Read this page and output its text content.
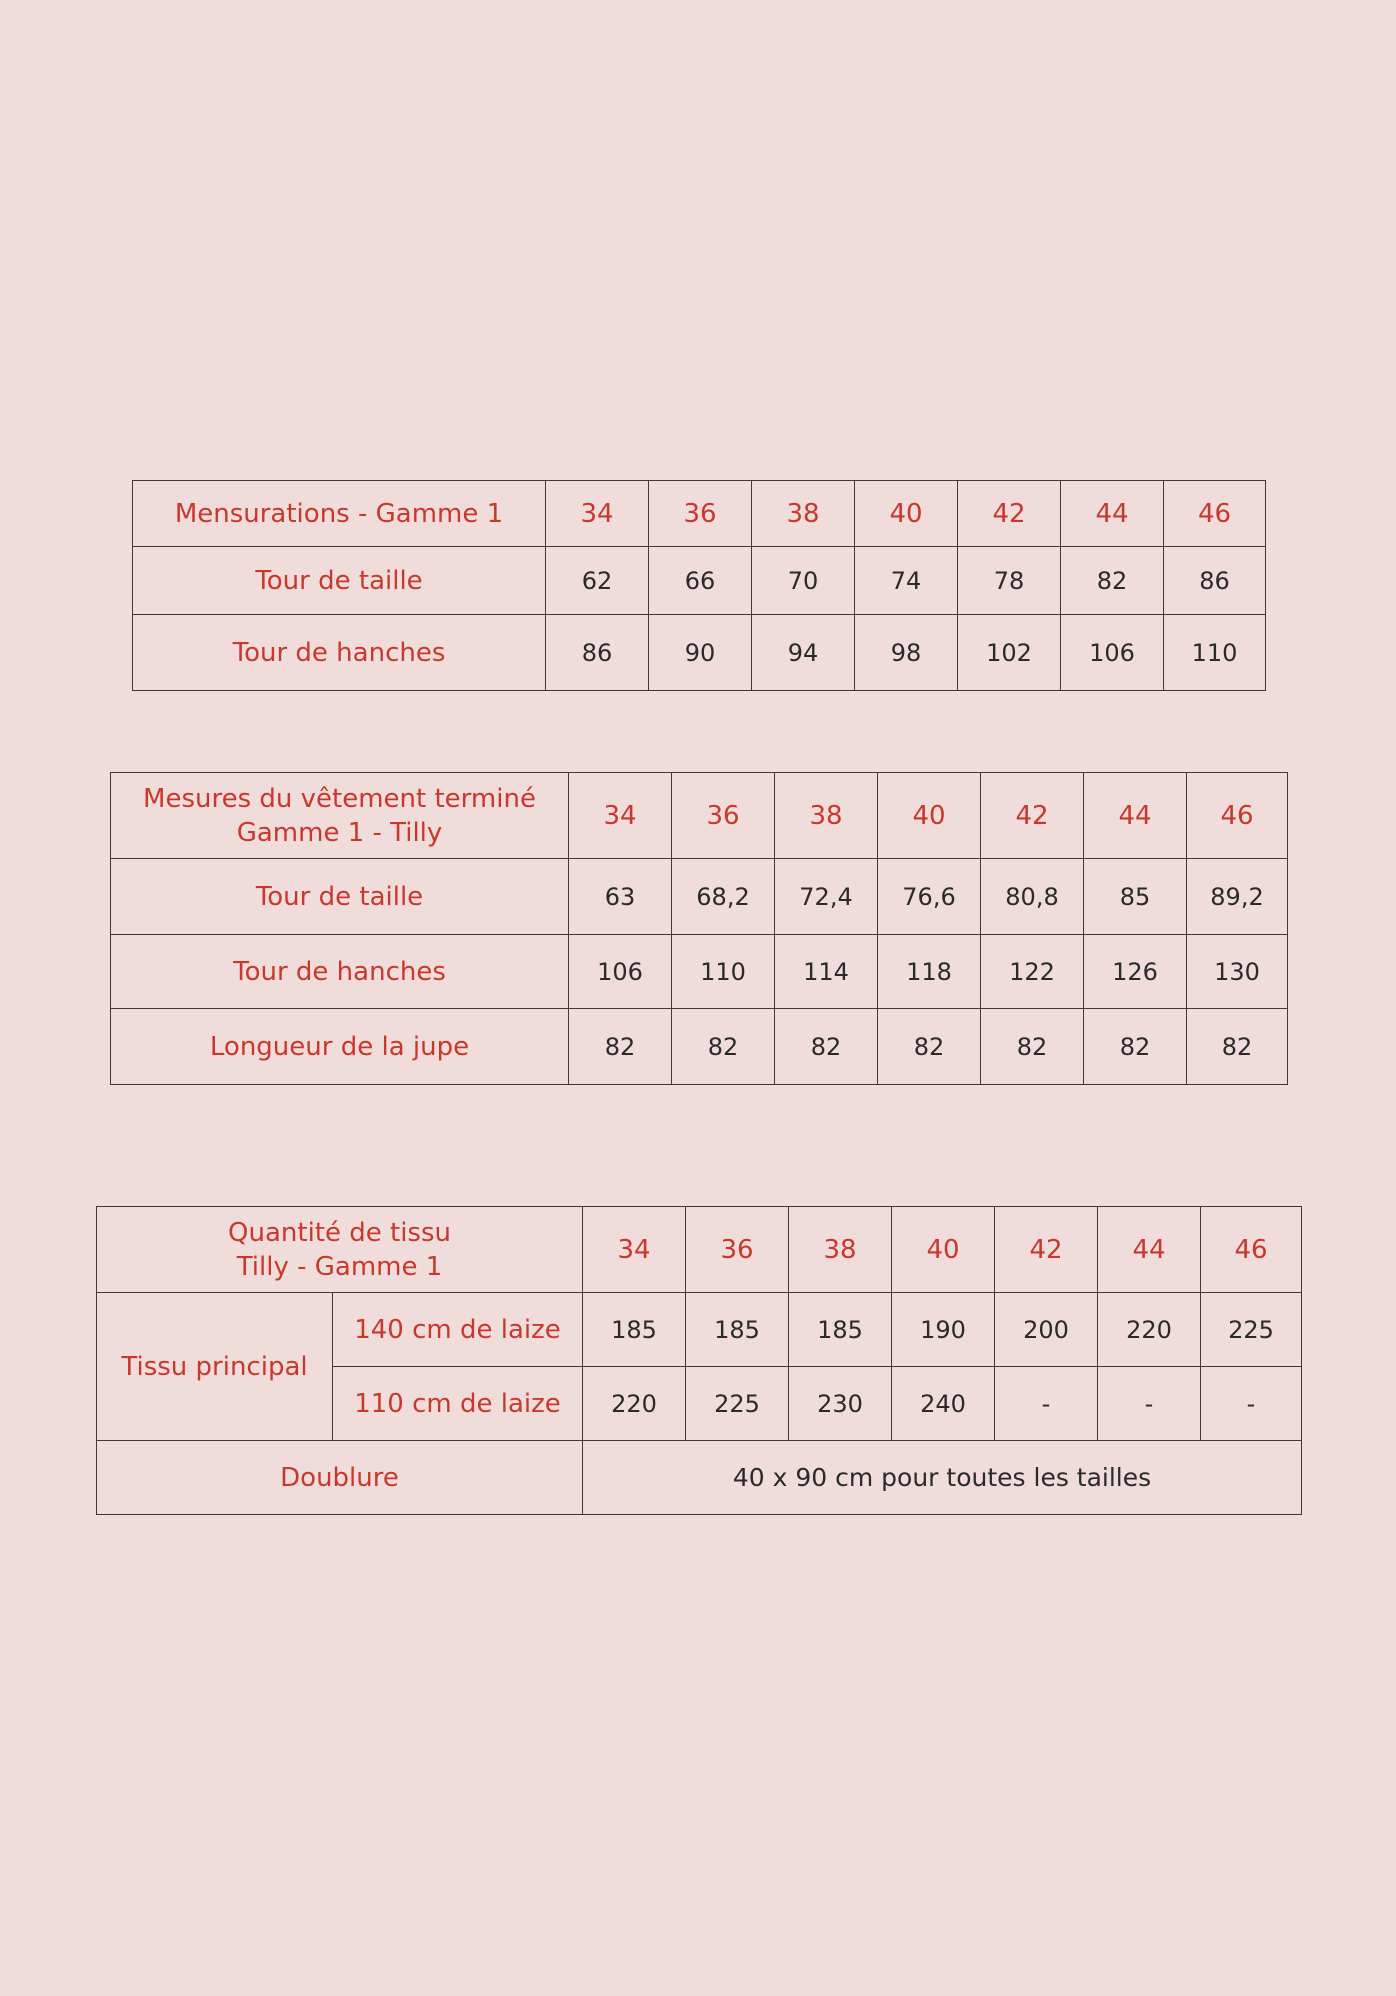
Mensurations - Gamme 1	34	36	38	40	42	44	46
Tour de taille	62	66	70	74	78	82	86
Tour de hanches	86	90	94	98	102	106	110
Mesures du vêtement terminé
Gamme 1 - Tilly	34	36	38	40	42	44	46
Tour de taille	63	68,2	72,4	76,6	80,8	85	89,2
Tour de hanches	106	110	114	118	122	126	130
Longueur de la jupe	82	82	82	82	82	82	82
Quantité de tissu
Tilly - Gamme 1		34	36	38	40	42	44	46
Tissu principal	140 cm de laize	185	185	185	190	200	220	225
	110 cm de laize	220	225	230	240	-	-	-
Doublure		40 x 90 cm pour toutes les tailles						
